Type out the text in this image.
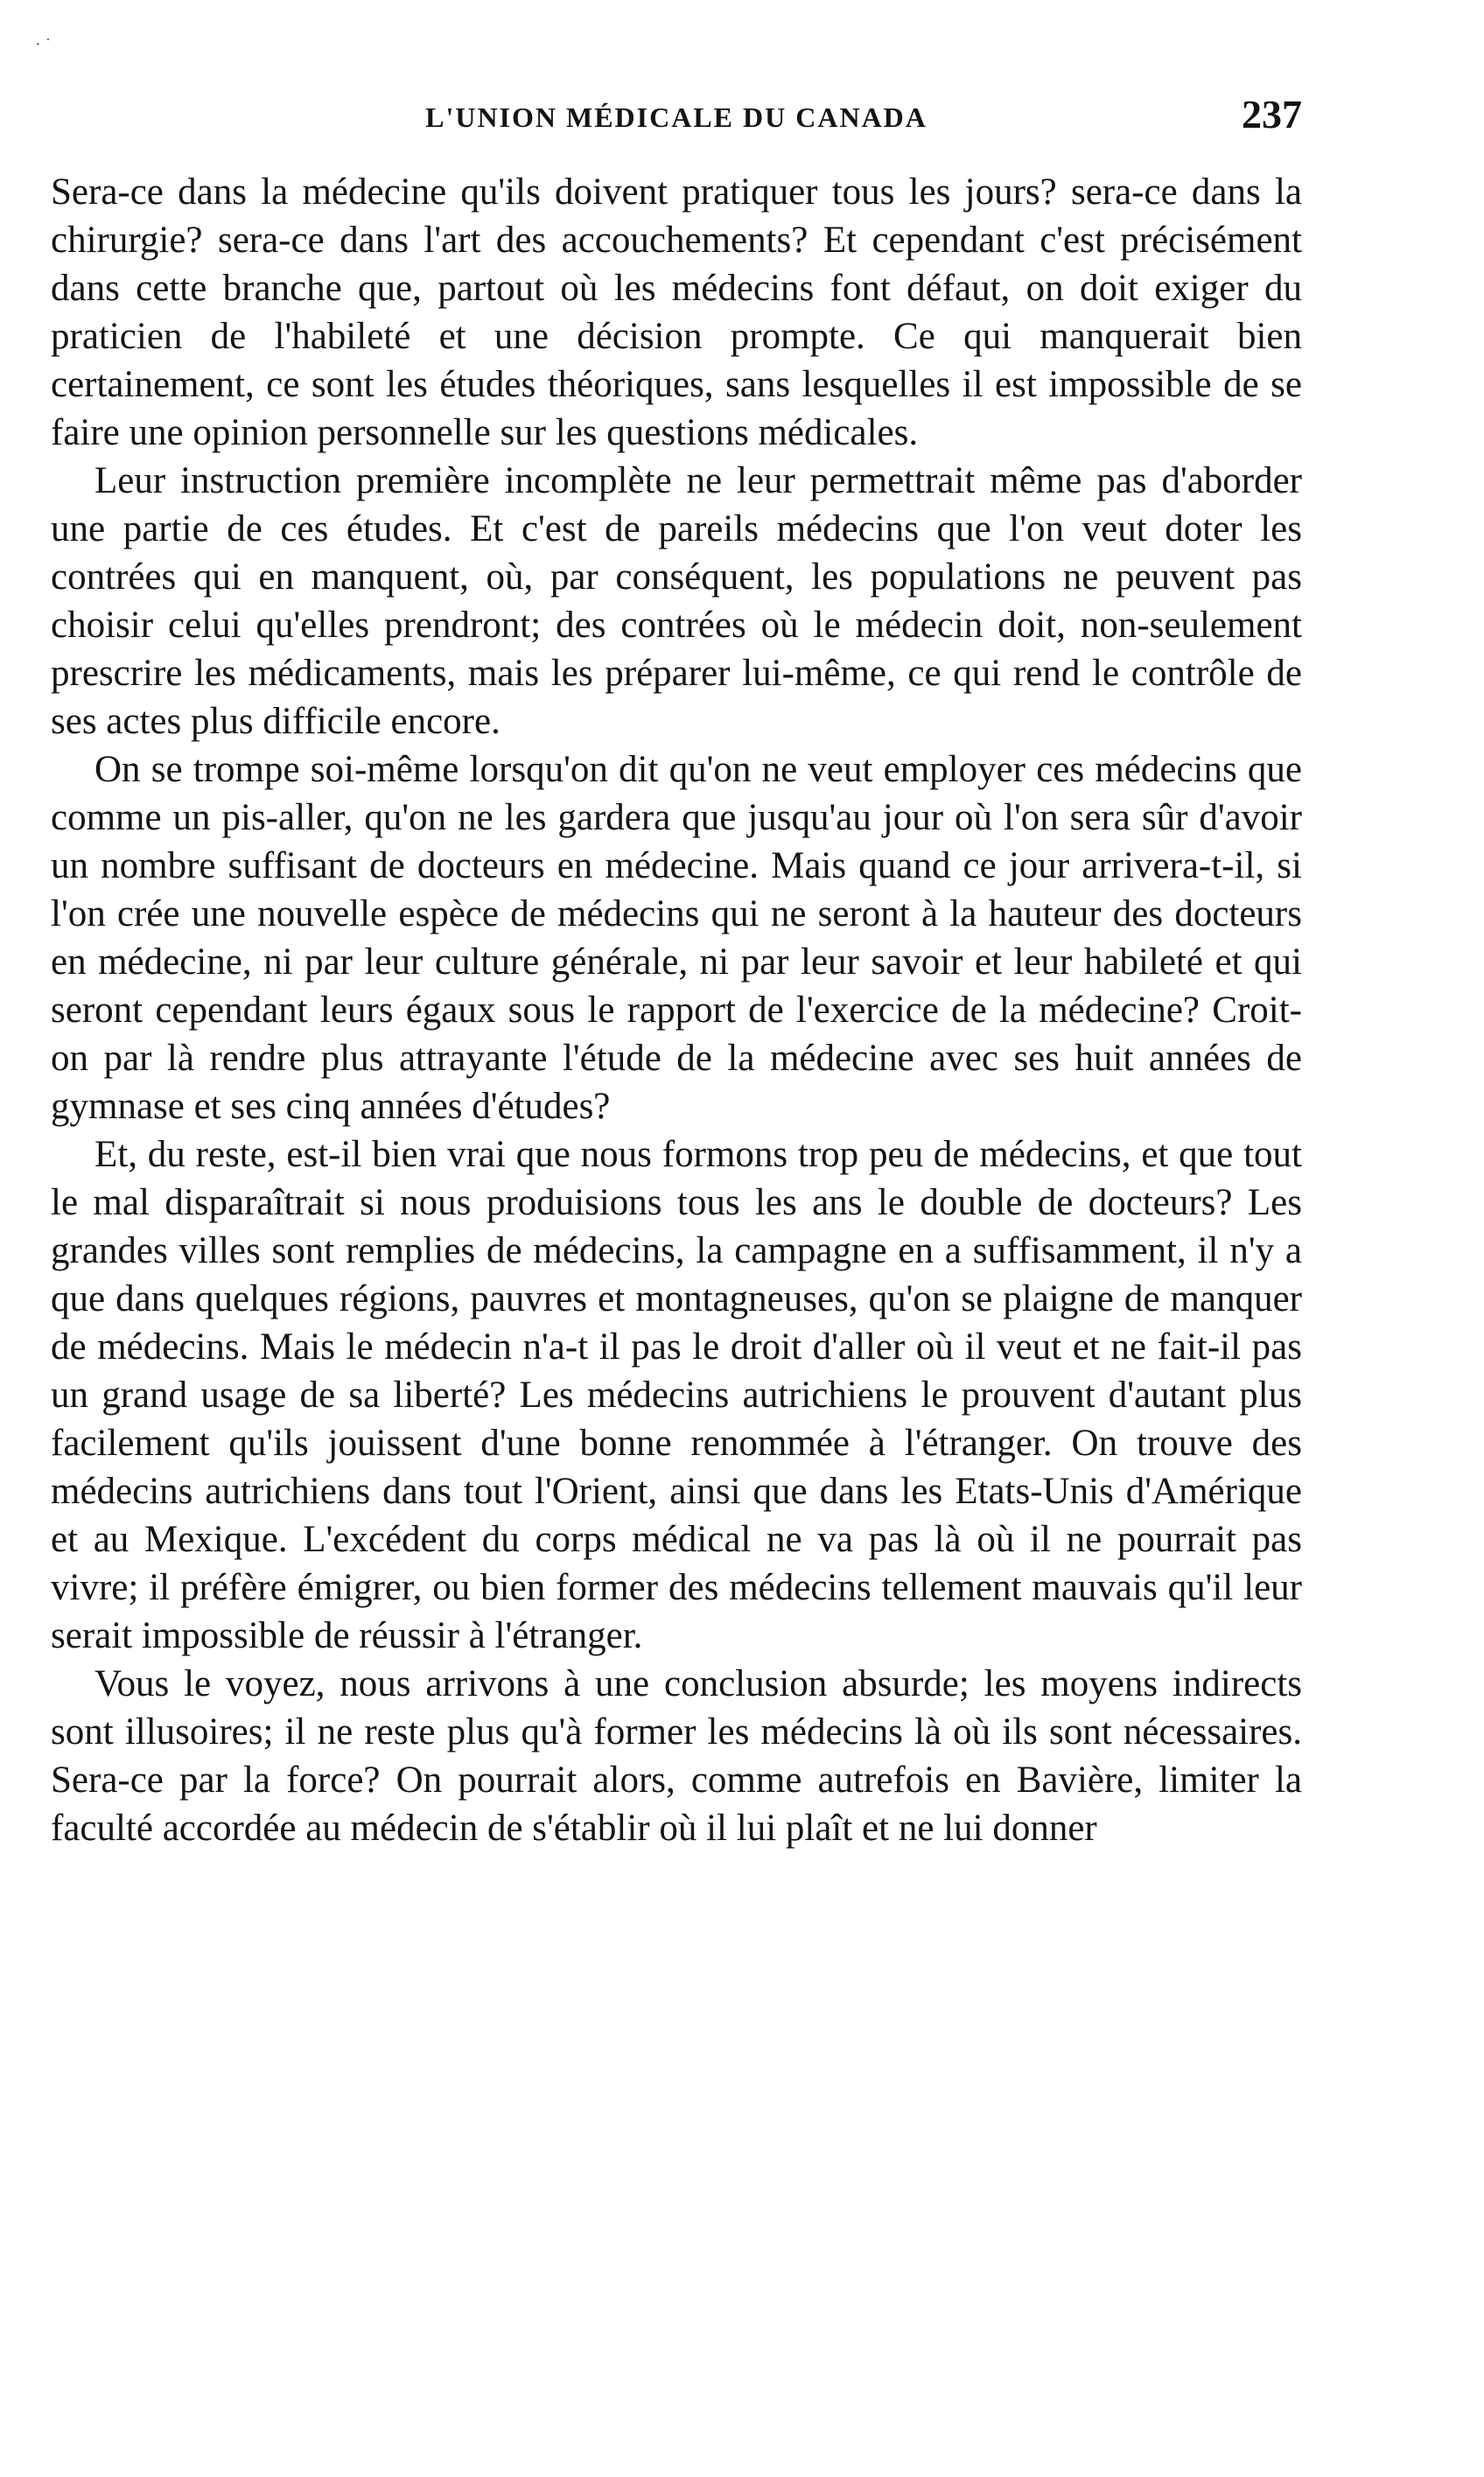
· ˙
L'UNION MÉDICALE DU CANADA	237

Sera-ce dans la médecine qu'ils doivent pratiquer tous les jours? sera-ce dans la chirurgie? sera-ce dans l'art des accouchements? Et cependant c'est précisément dans cette branche que, partout où les médecins font défaut, on doit exiger du praticien de l'habileté et une décision prompte. Ce qui manquerait bien certainement, ce sont les études théoriques, sans lesquelles il est impossible de se faire une opinion personnelle sur les questions médicales.

Leur instruction première incomplète ne leur permettrait même pas d'aborder une partie de ces études. Et c'est de pareils médecins que l'on veut doter les contrées qui en manquent, où, par conséquent, les populations ne peuvent pas choisir celui qu'elles prendront; des contrées où le médecin doit, non-seulement prescrire les médicaments, mais les préparer lui-même, ce qui rend le contrôle de ses actes plus difficile encore.

On se trompe soi-même lorsqu'on dit qu'on ne veut employer ces médecins que comme un pis-aller, qu'on ne les gardera que jusqu'au jour où l'on sera sûr d'avoir un nombre suffisant de docteurs en médecine. Mais quand ce jour arrivera-t-il, si l'on crée une nouvelle espèce de médecins qui ne seront à la hauteur des docteurs en médecine, ni par leur culture générale, ni par leur savoir et leur habileté et qui seront cependant leurs égaux sous le rapport de l'exercice de la médecine? Croit-on par là rendre plus attrayante l'étude de la médecine avec ses huit années de gymnase et ses cinq années d'études?

Et, du reste, est-il bien vrai que nous formons trop peu de médecins, et que tout le mal disparaîtrait si nous produisions tous les ans le double de docteurs? Les grandes villes sont remplies de médecins, la campagne en a suffisamment, il n'y a que dans quelques régions, pauvres et montagneuses, qu'on se plaigne de manquer de médecins. Mais le médecin n'a-t il pas le droit d'aller où il veut et ne fait-il pas un grand usage de sa liberté? Les médecins autrichiens le prouvent d'autant plus facilement qu'ils jouissent d'une bonne renommée à l'étranger. On trouve des médecins autrichiens dans tout l'Orient, ainsi que dans les Etats-Unis d'Amérique et au Mexique. L'excédent du corps médical ne va pas là où il ne pourrait pas vivre; il préfère émigrer, ou bien former des médecins tellement mauvais qu'il leur serait impossible de réussir à l'étranger.

Vous le voyez, nous arrivons à une conclusion absurde; les moyens indirects sont illusoires; il ne reste plus qu'à former les médecins là où ils sont nécessaires. Sera-ce par la force? On pourrait alors, comme autrefois en Bavière, limiter la faculté accordée au médecin de s'établir où il lui plaît et ne lui donner
